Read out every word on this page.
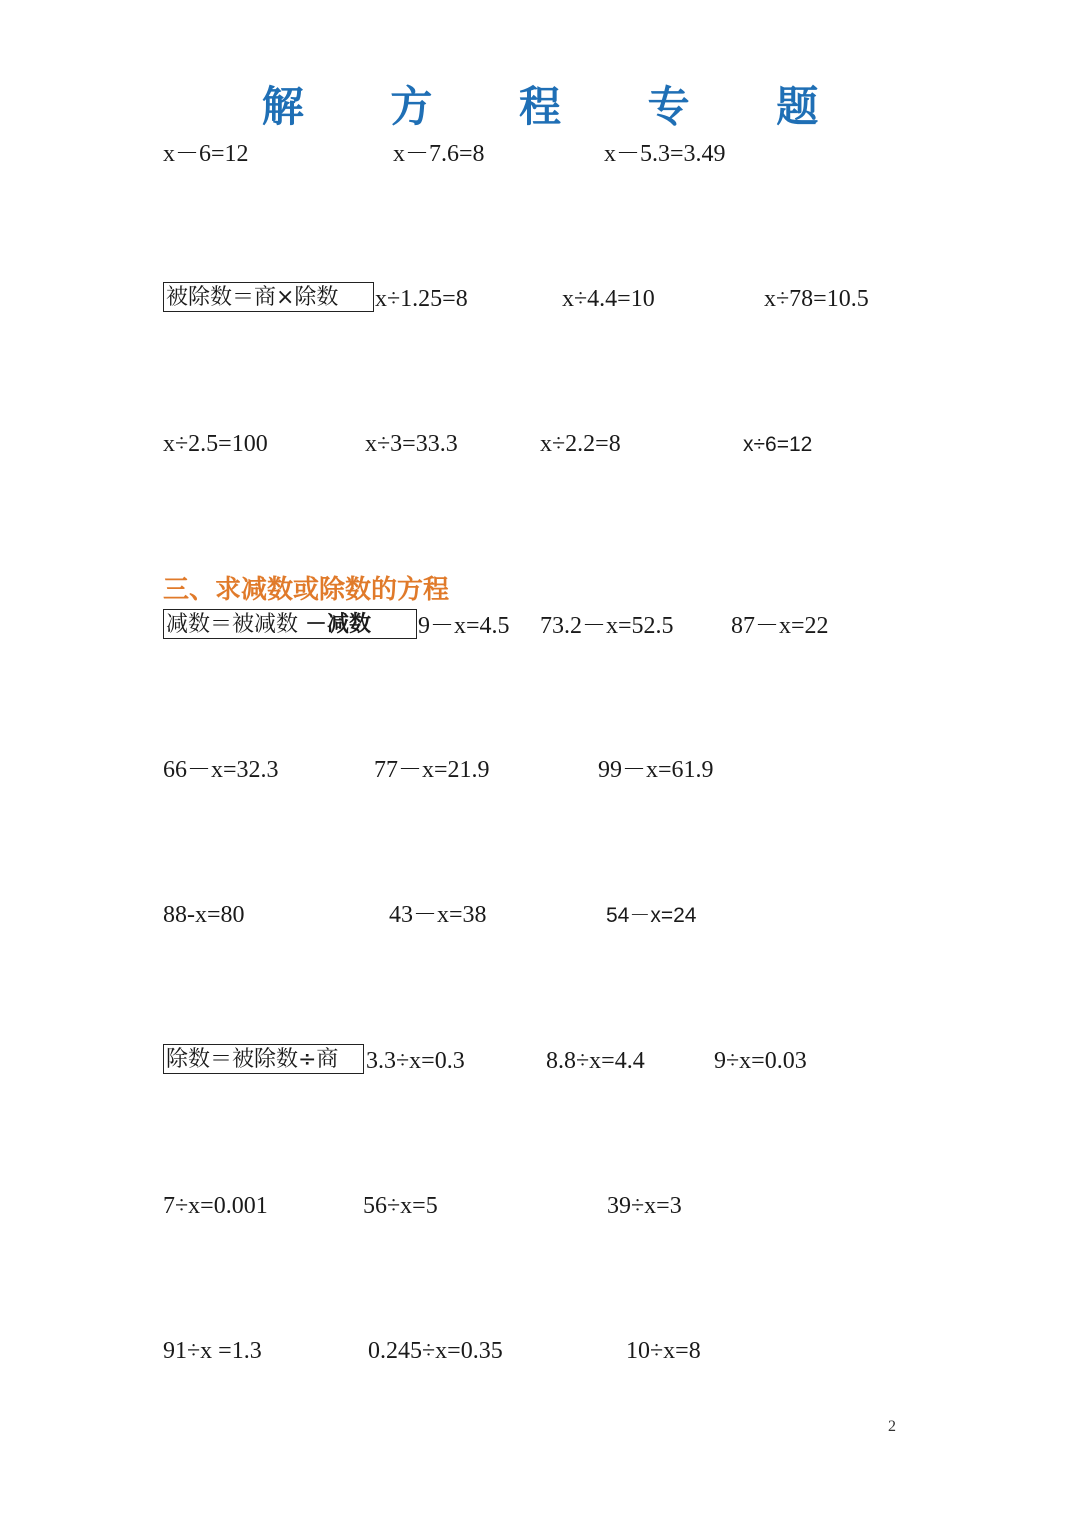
解 方 程 专 题
x－6=12	x－7.6=8	x－5.3=3.49
被除数＝商×除数	x÷1.25=8	x÷4.4=10	x÷78=10.5
x÷2.5=100	x÷3=33.3	x÷2.2=8	x÷6=12
三、求减数或除数的方程
减数＝被减数 －减数	9－x=4.5 73.2－x=52.5 87－x=22
66－x=32.3	77－x=21.9	99－x=61.9
88-x=80	43－x=38	54－x=24
除数＝被除数÷商	3.3÷x=0.3	8.8÷x=4.4	9÷x=0.03
7÷x=0.001	56÷x=5	39÷x=3
91÷x =1.3	0.245÷x=0.35	10÷x=8
2
